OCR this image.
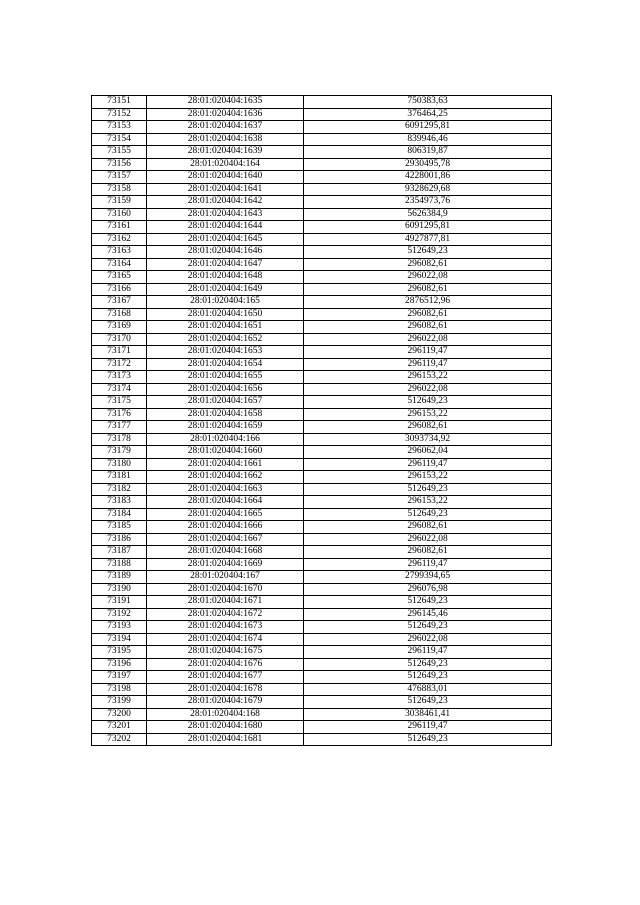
73151	28:01:020404:1635	750383,63
73152	28:01:020404:1636	376464,25
73153	28:01:020404:1637	6091295,81
73154	28:01:020404:1638	839946,46
73155	28:01:020404:1639	806319,87
73156	28:01:020404:164	2930495,78
73157	28:01:020404:1640	4228001,86
73158	28:01:020404:1641	9328629,68
73159	28:01:020404:1642	2354973,76
73160	28:01:020404:1643	5626384,9
73161	28:01:020404:1644	6091295,81
73162	28:01:020404:1645	4927877,81
73163	28:01:020404:1646	512649,23
73164	28:01:020404:1647	296082,61
73165	28:01:020404:1648	296022,08
73166	28:01:020404:1649	296082,61
73167	28:01:020404:165	2876512,96
73168	28:01:020404:1650	296082,61
73169	28:01:020404:1651	296082,61
73170	28:01:020404:1652	296022,08
73171	28:01:020404:1653	296119,47
73172	28:01:020404:1654	296119,47
73173	28:01:020404:1655	296153,22
73174	28:01:020404:1656	296022,08
73175	28:01:020404:1657	512649,23
73176	28:01:020404:1658	296153,22
73177	28:01:020404:1659	296082,61
73178	28:01:020404:166	3093734,92
73179	28:01:020404:1660	296062,04
73180	28:01:020404:1661	296119,47
73181	28:01:020404:1662	296153,22
73182	28:01:020404:1663	512649,23
73183	28:01:020404:1664	296153,22
73184	28:01:020404:1665	512649,23
73185	28:01:020404:1666	296082,61
73186	28:01:020404:1667	296022,08
73187	28:01:020404:1668	296082,61
73188	28:01:020404:1669	296119,47
73189	28:01:020404:167	2799394,65
73190	28:01:020404:1670	296076,98
73191	28:01:020404:1671	512649,23
73192	28:01:020404:1672	296145,46
73193	28:01:020404:1673	512649,23
73194	28:01:020404:1674	296022,08
73195	28:01:020404:1675	296119,47
73196	28:01:020404:1676	512649,23
73197	28:01:020404:1677	512649,23
73198	28:01:020404:1678	476883,01
73199	28:01:020404:1679	512649,23
73200	28:01:020404:168	3038461,41
73201	28:01:020404:1680	296119,47
73202	28:01:020404:1681	512649,23
